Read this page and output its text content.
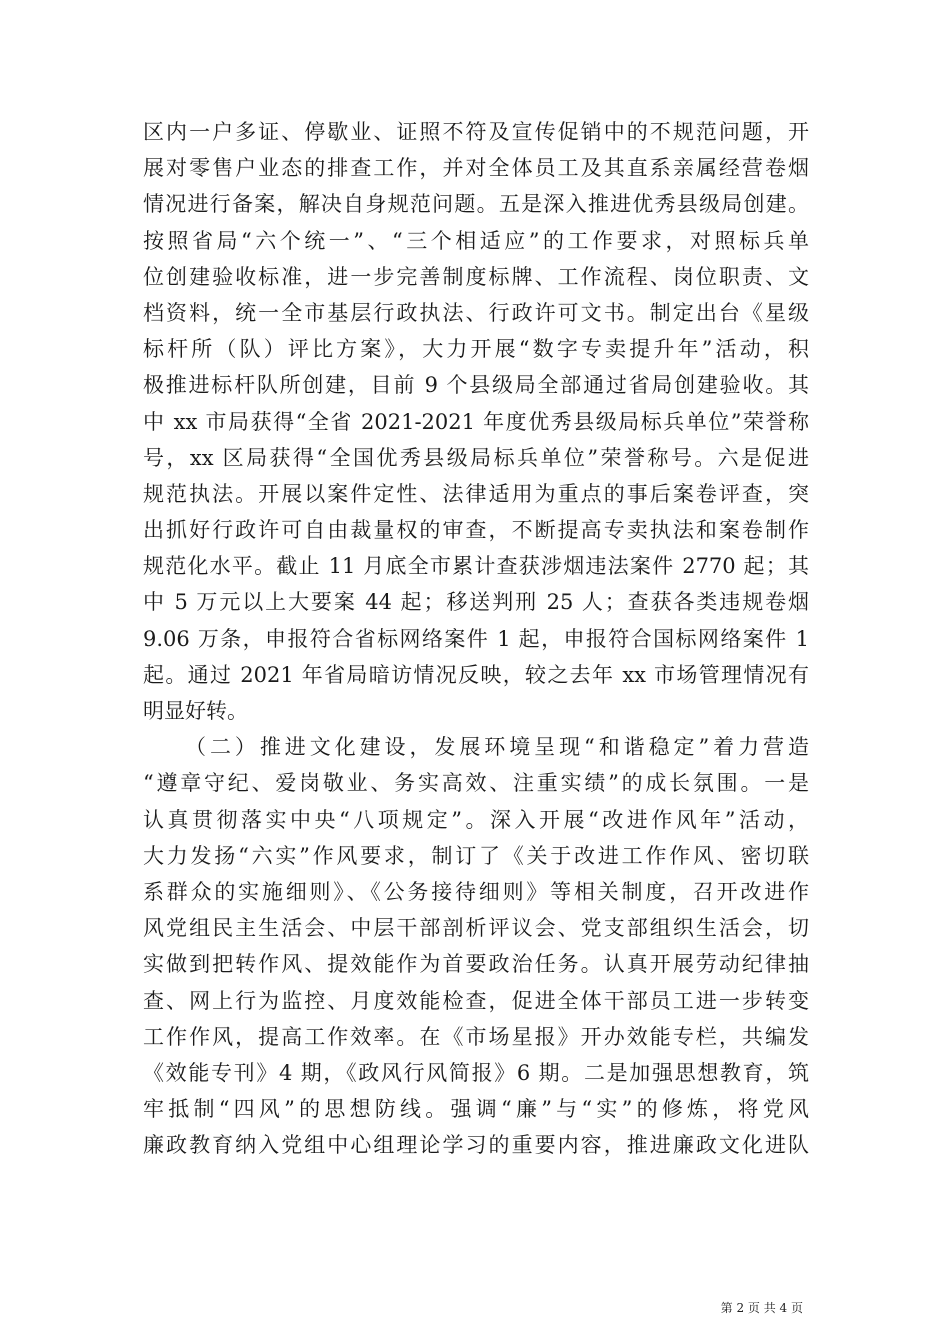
区内一户多证、停歇业、证照不符及宣传促销中的不规范问题，开
展对零售户业态的排查工作，并对全体员工及其直系亲属经营卷烟
情况进行备案，解决自身规范问题。五是深入推进优秀县级局创建。
按照省局“六个统一”、“三个相适应”的工作要求，对照标兵单
位创建验收标准，进一步完善制度标牌、工作流程、岗位职责、文
档资料，统一全市基层行政执法、行政许可文书。制定出台《星级
标杆所（队）评比方案》，大力开展“数字专卖提升年”活动，积
极推进标杆队所创建，目前 9 个县级局全部通过省局创建验收。其
中 xx 市局获得“全省 2021-2021 年度优秀县级局标兵单位”荣誉称
号，xx 区局获得“全国优秀县级局标兵单位”荣誉称号。六是促进
规范执法。开展以案件定性、法律适用为重点的事后案卷评查，突
出抓好行政许可自由裁量权的审查，不断提高专卖执法和案卷制作
规范化水平。截止 11 月底全市累计查获涉烟违法案件 2770 起；其
中 5 万元以上大要案 44 起；移送判刑 25 人；查获各类违规卷烟
9.06 万条，申报符合省标网络案件 1 起，申报符合国标网络案件 1
起。通过 2021 年省局暗访情况反映，较之去年 xx 市场管理情况有
明显好转。
（二）推进文化建设，发展环境呈现“和谐稳定”着力营造
“遵章守纪、爱岗敬业、务实高效、注重实绩”的成长氛围。一是
认真贯彻落实中央“八项规定”。深入开展“改进作风年”活动，
大力发扬“六实”作风要求，制订了《关于改进工作作风、密切联
系群众的实施细则》、《公务接待细则》等相关制度，召开改进作
风党组民主生活会、中层干部剖析评议会、党支部组织生活会，切
实做到把转作风、提效能作为首要政治任务。认真开展劳动纪律抽
查、网上行为监控、月度效能检查，促进全体干部员工进一步转变
工作作风，提高工作效率。在《市场星报》开办效能专栏，共编发
《效能专刊》4 期，《政风行风简报》6 期。二是加强思想教育，筑
牢抵制“四风”的思想防线。强调“廉”与“实”的修炼，将党风
廉政教育纳入党组中心组理论学习的重要内容，推进廉政文化进队
第 2 页 共 4 页
